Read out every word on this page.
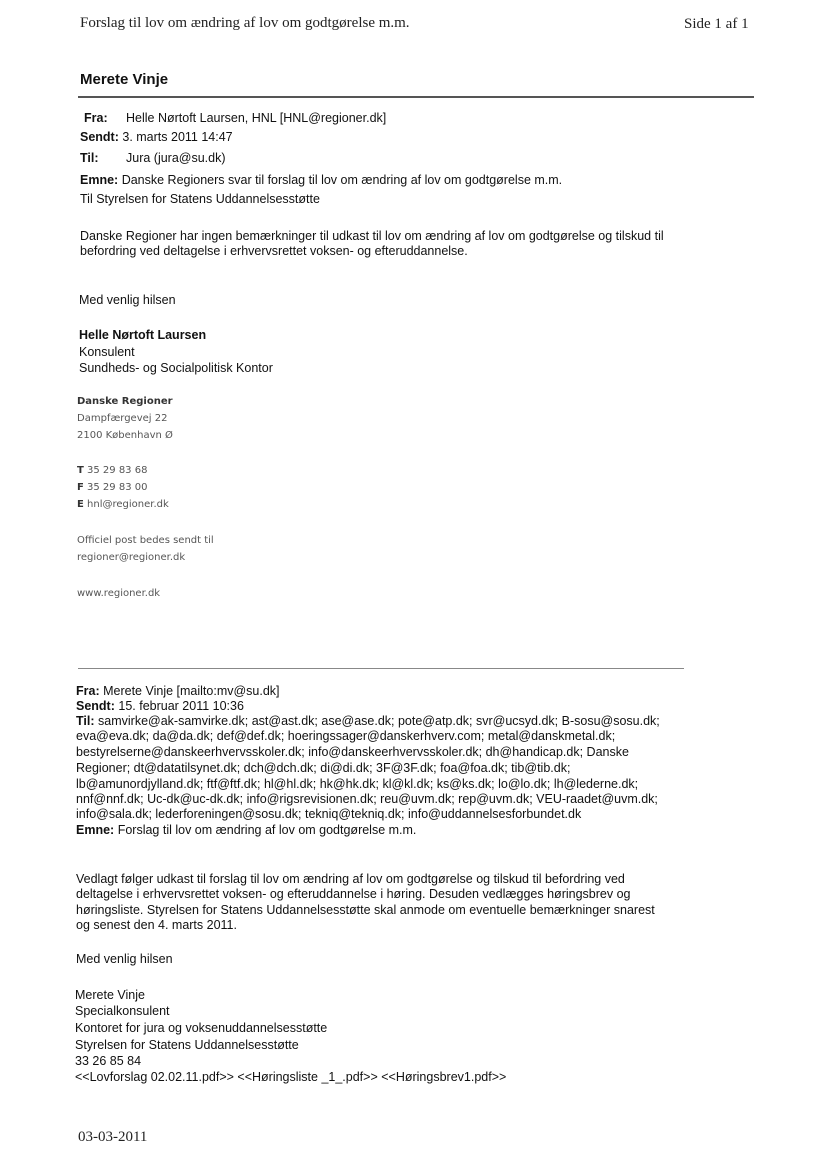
Forslag til lov om ændring af lov om godtgørelse m.m.	Side 1 af 1
Merete Vinje
Fra: Helle Nørtoft Laursen, HNL [HNL@regioner.dk]
Sendt: 3. marts 2011 14:47
Til: Jura (jura@su.dk)
Emne: Danske Regioners svar til forslag til lov om ændring af lov om godtgørelse m.m.
Til Styrelsen for Statens Uddannelsesstøtte
Danske Regioner har ingen bemærkninger til udkast til lov om ændring af lov om godtgørelse og tilskud til
befordring ved deltagelse i erhvervsrettet voksen- og efteruddannelse.
Med venlig hilsen
Helle Nørtoft Laursen
Konsulent
Sundheds- og Socialpolitisk Kontor
Danske Regioner
Dampfærgevej 22
2100 København Ø
T 35 29 83 68
F 35 29 83 00
E hnl@regioner.dk
Officiel post bedes sendt til
regioner@regioner.dk
www.regioner.dk
Fra: Merete Vinje [mailto:mv@su.dk]
Sendt: 15. februar 2011 10:36
Til: samvirke@ak-samvirke.dk; ast@ast.dk; ase@ase.dk; pote@atp.dk; svr@ucsyd.dk; B-sosu@sosu.dk;
eva@eva.dk; da@da.dk; def@def.dk; hoeringssager@danskerhverv.com; metal@danskmetal.dk;
bestyrelserne@danskeerhvervsskoler.dk; info@danskeerhvervsskoler.dk; dh@handicap.dk; Danske
Regioner; dt@datatilsynet.dk; dch@dch.dk; di@di.dk; 3F@3F.dk; foa@foa.dk; tib@tib.dk;
lb@amunordjylland.dk; ftf@ftf.dk; hl@hl.dk; hk@hk.dk; kl@kl.dk; ks@ks.dk; lo@lo.dk; lh@lederne.dk;
nnf@nnf.dk; Uc-dk@uc-dk.dk; info@rigsrevisionen.dk; reu@uvm.dk; rep@uvm.dk; VEU-raadet@uvm.dk;
info@sala.dk; lederforeningen@sosu.dk; tekniq@tekniq.dk; info@uddannelsesforbundet.dk
Emne: Forslag til lov om ændring af lov om godtgørelse m.m.
Vedlagt følger udkast til forslag til lov om ændring af lov om godtgørelse og tilskud til befordring ved
deltagelse i erhvervsrettet voksen- og efteruddannelse i høring. Desuden vedlægges høringsbrev og
høringsliste. Styrelsen for Statens Uddannelsesstøtte skal anmode om eventuelle bemærkninger snarest
og senest den 4. marts 2011.
Med venlig hilsen
Merete Vinje
Specialkonsulent
Kontoret for jura og voksenuddannelsesstøtte
Styrelsen for Statens Uddannelsesstøtte
33 26 85 84
<<Lovforslag 02.02.11.pdf>> <<Høringsliste _1_.pdf>> <<Høringsbrev1.pdf>>
03-03-2011
